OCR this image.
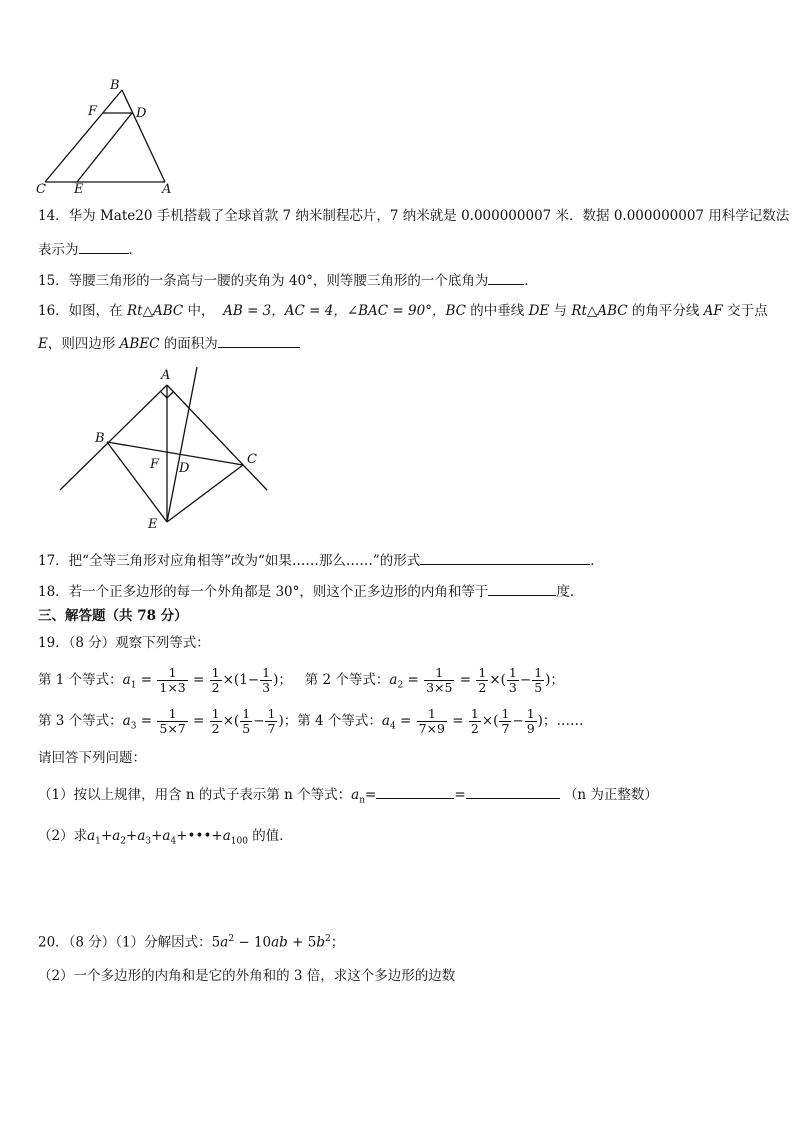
B
F	D
C E	A
14．华为 Mate20 手机搭载了全球首款 7 纳米制程芯片，7 纳米就是 0.000000007 米．数据 0.000000007 用科学记数法
表示为	．
15．等腰三角形的一条高与一腰的夹角为 40°，则等腰三角形的一个底角为	．
16．如图，在 Rt△ABC 中， AB = 3，AC = 4，∠BAC = 90°，BC 的中垂线 DE 与 Rt△ABC 的角平分线 AF 交于点
E，则四边形 ABEC 的面积为
A
B
C
F D
E
17．把“全等三角形对应角相等”改为“如果……那么……”的形式	．
18．若一个正多边形的每一个外角都是 30°，则这个正多边形的内角和等于	度．
三、解答题（共 78 分）
19．（8 分）观察下列等式：
第 1 个等式：$a_1 = \frac{1}{1\times 3} = \frac{1}{2} \times(1- \frac{1}{3}$ )；   第 2 个等式：$a_2 = \frac{1}{3\times 5} = \frac{1}{2}$ ×( $\frac{1}{3} - \frac{1}{5}$ )；
第 3 个等式：$a_3 = \frac{1}{5\times 7} = \frac{1}{2}$ ×( $\frac{1}{5} - \frac{1}{7}$ )；第 4 个等式：$a_4 = \frac{1}{7\times 9} = \frac{1}{2}$ ×( $\frac{1}{7} - \frac{1}{9}$ )；……
请回答下列问题：
（1）按以上规律，用含 n 的式子表示第 n 个等式：$a_n=$	=	（n 为正整数）
（2）求$a_1+a_2+a_3+a_4+•••+a_{100}$ 的值．
20．（8 分）（1）分解因式：$5a^2 - 10ab + 5b^2$；
（2）一个多边形的内角和是它的外角和的 3 倍，求这个多边形的边数
